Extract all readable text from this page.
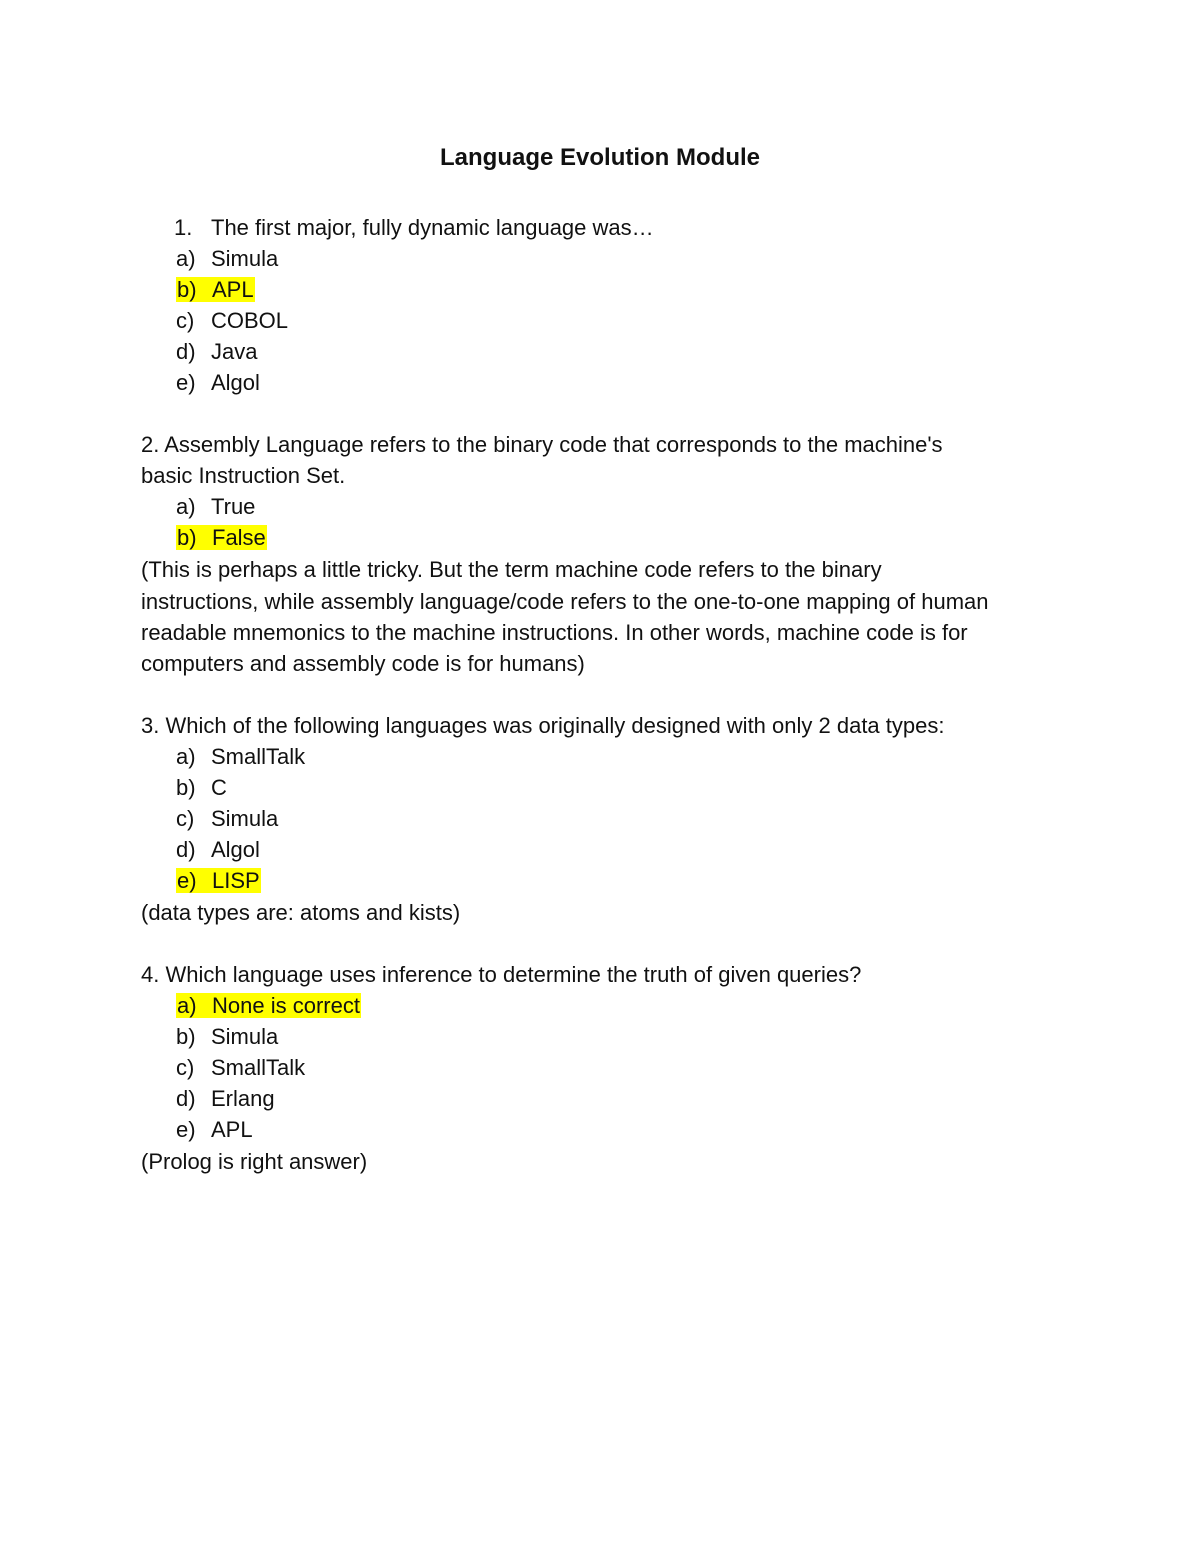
Language Evolution Module
1. The first major, fully dynamic language was…
a) Simula
b) APL
c) COBOL
d) Java
e) Algol
2. Assembly Language refers to the binary code that corresponds to the machine's
basic Instruction Set.
a) True
b) False
(This is perhaps a little tricky. But the term machine code refers to the binary
instructions, while assembly language/code refers to the one-to-one mapping of human
readable mnemonics to the machine instructions. In other words, machine code is for
computers and assembly code is for humans)
3. Which of the following languages was originally designed with only 2 data types:
a) SmallTalk
b) C
c) Simula
d) Algol
e) LISP
(data types are: atoms and kists)
4. Which language uses inference to determine the truth of given queries?
a) None is correct
b) Simula
c) SmallTalk
d) Erlang
e) APL
(Prolog is right answer)
